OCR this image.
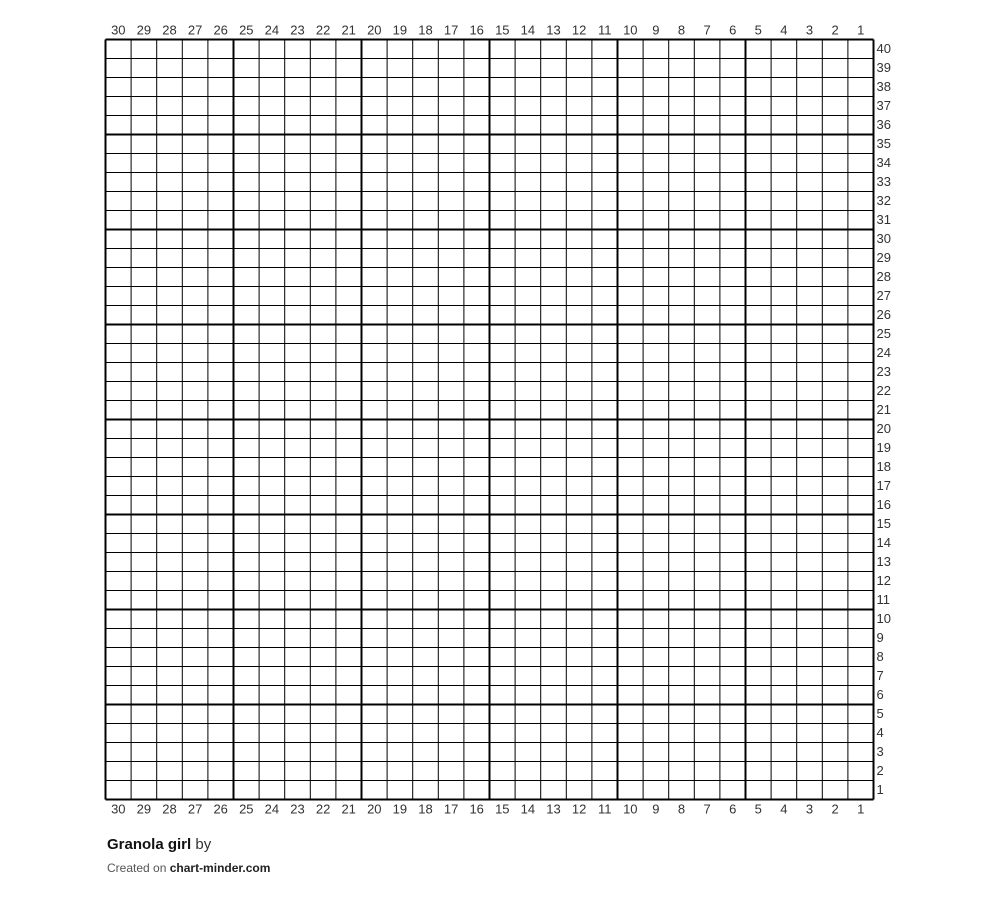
30 29 28 27 26 25 24 23 22 21 20 19 18 17 16 15 14 13 12 11 10 9 8 7 6 5 4 3 2 1
30 29 28 27 26 25 24 23 22 21 20 19 18 17 16 15 14 13 12 11 10 9 8 7 6 5 4 3 2 1
40
39
38
37
36
35
34
33
32
31
30
29
28
27
26
25
24
23
22
21
20
19
18
17
16
15
14
13
12
11
10
9
8
7
6
5
4
3
2
1
Granola girl by
Created on chart-minder.com
